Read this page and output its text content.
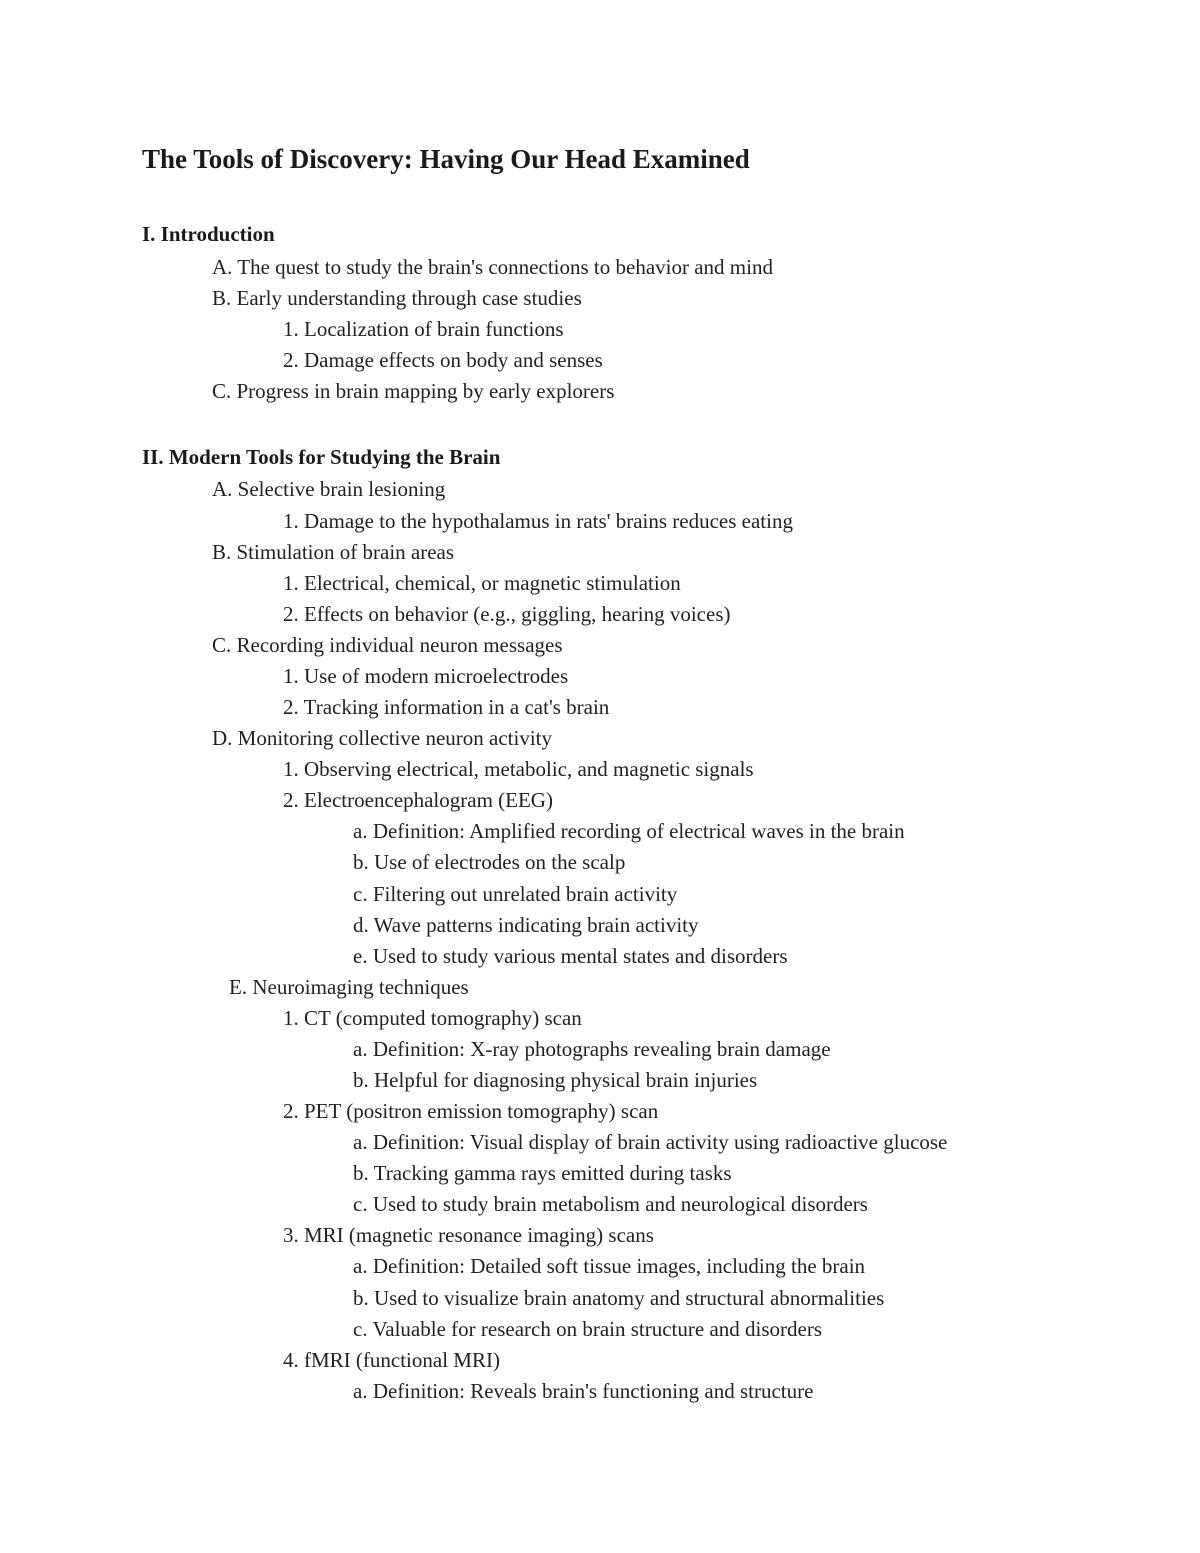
The Tools of Discovery: Having Our Head Examined
I. Introduction
A. The quest to study the brain's connections to behavior and mind
B. Early understanding through case studies
1. Localization of brain functions
2. Damage effects on body and senses
C. Progress in brain mapping by early explorers
II. Modern Tools for Studying the Brain
A. Selective brain lesioning
1. Damage to the hypothalamus in rats' brains reduces eating
B. Stimulation of brain areas
1. Electrical, chemical, or magnetic stimulation
2. Effects on behavior (e.g., giggling, hearing voices)
C. Recording individual neuron messages
1. Use of modern microelectrodes
2. Tracking information in a cat's brain
D. Monitoring collective neuron activity
1. Observing electrical, metabolic, and magnetic signals
2. Electroencephalogram (EEG)
a. Definition: Amplified recording of electrical waves in the brain
b. Use of electrodes on the scalp
c. Filtering out unrelated brain activity
d. Wave patterns indicating brain activity
e. Used to study various mental states and disorders
E. Neuroimaging techniques
1. CT (computed tomography) scan
a. Definition: X-ray photographs revealing brain damage
b. Helpful for diagnosing physical brain injuries
2. PET (positron emission tomography) scan
a. Definition: Visual display of brain activity using radioactive glucose
b. Tracking gamma rays emitted during tasks
c. Used to study brain metabolism and neurological disorders
3. MRI (magnetic resonance imaging) scans
a. Definition: Detailed soft tissue images, including the brain
b. Used to visualize brain anatomy and structural abnormalities
c. Valuable for research on brain structure and disorders
4. fMRI (functional MRI)
a. Definition: Reveals brain's functioning and structure
